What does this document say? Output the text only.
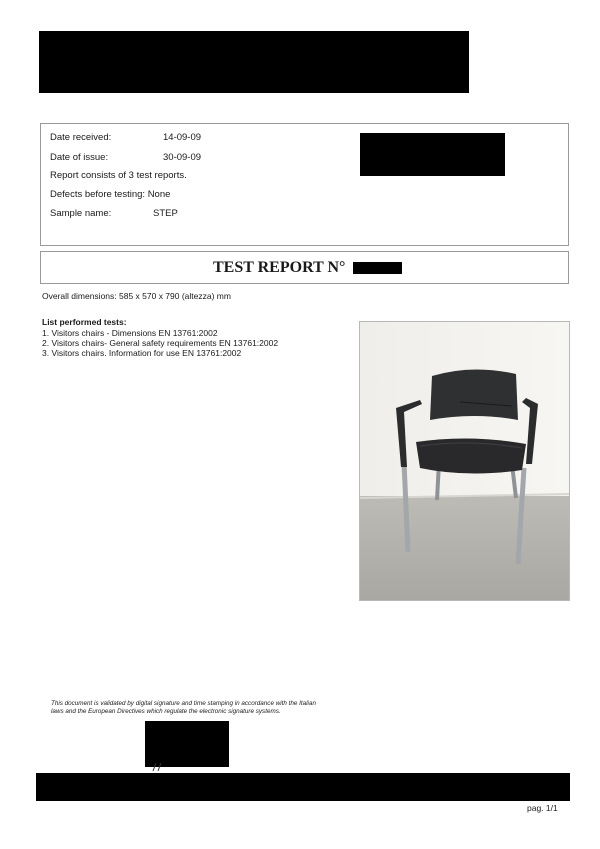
Date received:	14-09-09
Date of issue:	30-09-09
Report consists of 3 test reports.
Defects before testing: None
Sample name:	STEP
TEST REPORT N°
Overall dimensions: 585 x 570 x 790 (altezza) mm
List performed tests:
1. Visitors chairs - Dimensions EN 13761:2002
2. Visitors chairs- General safety requirements EN 13761:2002
3. Visitors chairs. Information for use EN 13761:2002
This document is validated by digital signature and time stamping in accordance with the Italian laws and the European Directives which regulate the electronic signature systems.
pag. 1/1
